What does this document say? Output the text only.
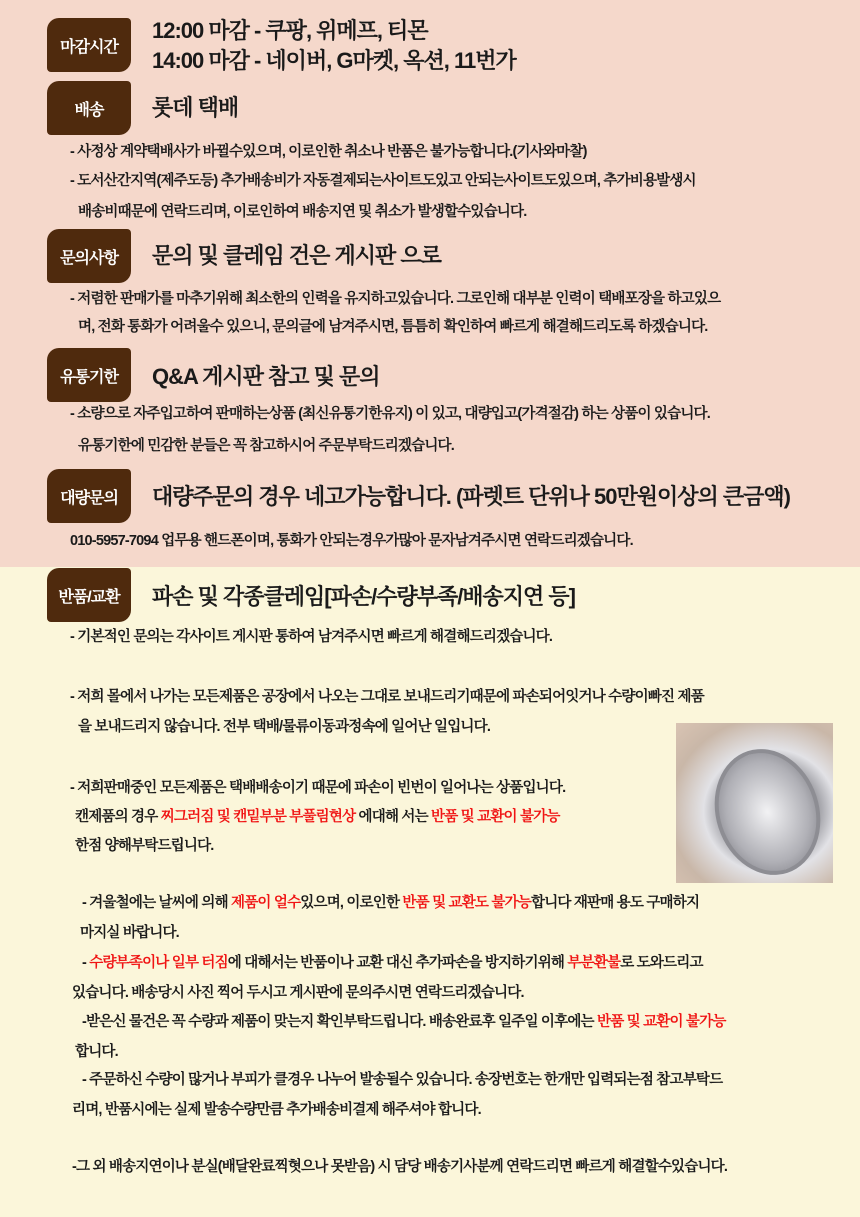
마감시간
12:00 마감 - 쿠팡, 위메프, 티몬
14:00 마감 - 네이버, G마켓, 옥션, 11번가
배송	롯데 택배
- 사정상 계약택배사가 바뀔수있으며, 이로인한 취소나 반품은 불가능합니다.(기사와마찰)
- 도서산간지역(제주도등) 추가배송비가 자동결제되는사이트도있고 안되는사이트도있으며, 추가비용발생시
배송비때문에 연락드리며, 이로인하여 배송지연 및 취소가 발생할수있습니다.
문의사항	문의 및 클레임 건은 게시판 으로
- 저렴한 판매가를 마추기위해 최소한의 인력을 유지하고있습니다. 그로인해 대부분 인력이 택배포장을 하고있으
며, 전화 통화가 어려울수 있으니, 문의글에 남겨주시면, 틈틈히 확인하여 빠르게 해결해드리도록 하겠습니다.
유통기한	Q&A 게시판 참고 및 문의
- 소량으로 자주입고하여 판매하는상품 (최신유통기한유지) 이 있고, 대량입고(가격절감) 하는 상품이 있습니다.
유통기한에 민감한 분들은 꼭 참고하시어 주문부탁드리겠습니다.
대량문의	대량주문의 경우 네고가능합니다. (파렛트 단위나 50만원이상의 큰금액)
010-5957-7094 업무용 핸드폰이며, 통화가 안되는경우가많아 문자남겨주시면 연락드리겠습니다.
반품/교환	파손 및 각종클레임[파손/수량부족/배송지연 등]
- 기본적인 문의는 각사이트 게시판 통하여 남겨주시면 빠르게 해결해드리겠습니다.
- 저희 몰에서 나가는 모든제품은 공장에서 나오는 그대로 보내드리기때문에 파손되어잇거나 수량이빠진 제품
을 보내드리지 않습니다. 전부 택배/물류이동과정속에 일어난 일입니다.
- 저희판매중인 모든제품은 택배배송이기 때문에 파손이 빈번이 일어나는 상품입니다.
캔제품의 경우 찌그러짐 및 캔밑부분 부풀림현상 에대해 서는 반품 및 교환이 불가능
한점 양해부탁드립니다.
- 겨울철에는 날씨에 의해 제품이 얼수있으며, 이로인한 반품 및 교환도 불가능합니다 재판매 용도 구매하지
마지실 바랍니다.
- 수량부족이나 일부 터짐에 대해서는 반품이나 교환 대신 추가파손을 방지하기위해 부분환불로 도와드리고
있습니다. 배송당시 사진 찍어 두시고 게시판에 문의주시면 연락드리겠습니다.
-받은신 물건은 꼭 수량과 제품이 맞는지 확인부탁드립니다. 배송완료후 일주일 이후에는 반품 및 교환이 불가능
합니다.
- 주문하신 수량이 많거나 부피가 클경우 나누어 발송될수 있습니다. 송장번호는 한개만 입력되는점 참고부탁드
리며, 반품시에는 실제 발송수량만큼 추가배송비결제 해주셔야 합니다.
-그 외 배송지연이나 분실(배달완료찍혓으나 못받음) 시 담당 배송기사분께 연락드리면 빠르게 해결할수있습니다.
